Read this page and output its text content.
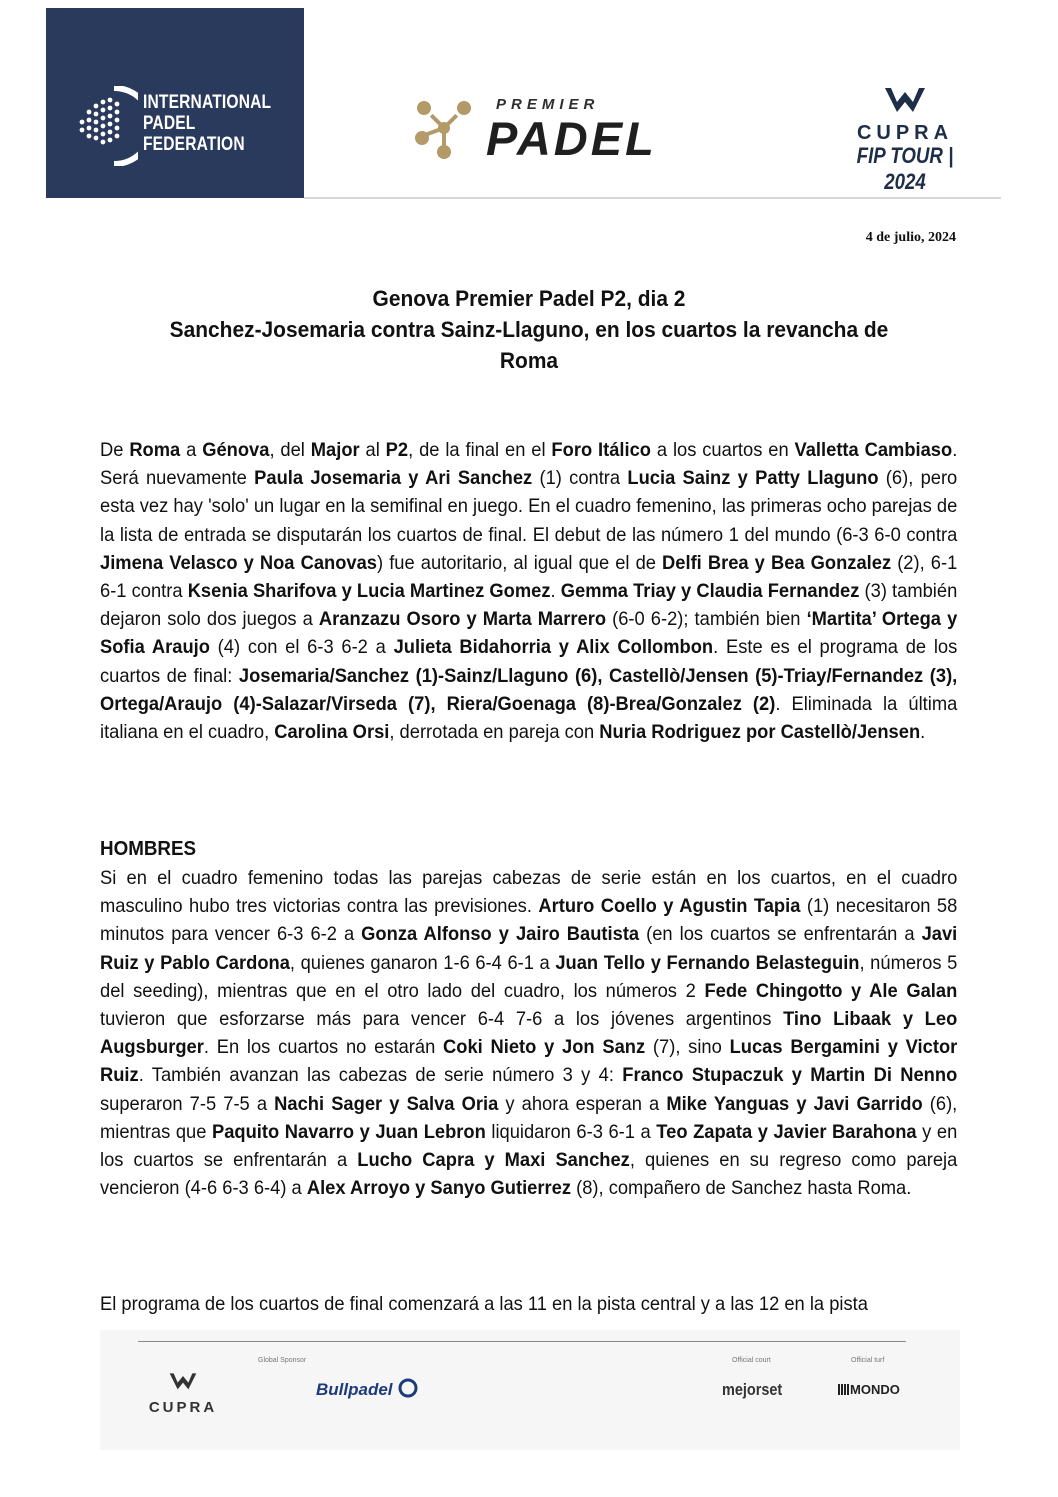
INTERNATIONAL
PADEL
FEDERATION
PREMIER
PADEL	CUPRA
FIP TOUR | 2024
4 de julio, 2024
Genova Premier Padel P2, dia 2
Sanchez-Josemaria contra Sainz-Llaguno, en los cuartos la revancha de
Roma
De Roma a Génova, del Major al P2, de la final en el Foro Itálico a los cuartos en Valletta Cambiaso. Será nuevamente Paula Josemaria y Ari Sanchez (1) contra Lucia Sainz y Patty Llaguno (6), pero esta vez hay 'solo' un lugar en la semifinal en juego. En el cuadro femenino, las primeras ocho parejas de la lista de entrada se disputarán los cuartos de final. El debut de las número 1 del mundo (6-3 6-0 contra Jimena Velasco y Noa Canovas) fue autoritario, al igual que el de Delfi Brea y Bea Gonzalez (2), 6-1 6-1 contra Ksenia Sharifova y Lucia Martinez Gomez. Gemma Triay y Claudia Fernandez (3) también dejaron solo dos juegos a Aranzazu Osoro y Marta Marrero (6-0 6-2); también bien ‘Martita’ Ortega y Sofia Araujo (4) con el 6-3 6-2 a Julieta Bidahorria y Alix Collombon. Este es el programa de los cuartos de final: Josemaria/Sanchez (1)-Sainz/Llaguno (6), Castellò/Jensen (5)-Triay/Fernandez (3), Ortega/Araujo (4)-Salazar/Virseda (7), Riera/Goenaga (8)-Brea/Gonzalez (2). Eliminada la última italiana en el cuadro, Carolina Orsi, derrotada en pareja con Nuria Rodriguez por Castellò/Jensen.
HOMBRES
Si en el cuadro femenino todas las parejas cabezas de serie están en los cuartos, en el cuadro masculino hubo tres victorias contra las previsiones. Arturo Coello y Agustin Tapia (1) necesitaron 58 minutos para vencer 6-3 6-2 a Gonza Alfonso y Jairo Bautista (en los cuartos se enfrentarán a Javi Ruiz y Pablo Cardona, quienes ganaron 1-6 6-4 6-1 a Juan Tello y Fernando Belasteguin, números 5 del seeding), mientras que en el otro lado del cuadro, los números 2 Fede Chingotto y Ale Galan tuvieron que esforzarse más para vencer 6-4 7-6 a los jóvenes argentinos Tino Libaak y Leo Augsburger. En los cuartos no estarán Coki Nieto y Jon Sanz (7), sino Lucas Bergamini y Victor Ruiz. También avanzan las cabezas de serie número 3 y 4: Franco Stupaczuk y Martin Di Nenno superaron 7-5 7-5 a Nachi Sager y Salva Oria y ahora esperan a Mike Yanguas y Javi Garrido (6), mientras que Paquito Navarro y Juan Lebron liquidaron 6-3 6-1 a Teo Zapata y Javier Barahona y en los cuartos se enfrentarán a Lucho Capra y Maxi Sanchez, quienes en su regreso como pareja vencieron (4-6 6-3 6-4) a Alex Arroyo y Sanyo Gutierrez (8), compañero de Sanchez hasta Roma.
El programa de los cuartos de final comenzará a las 11 en la pista central y a las 12 en la pista
Global Sponsor	Official court	Official turf
CUPRA
Bullpadel	mejorset	MONDO
